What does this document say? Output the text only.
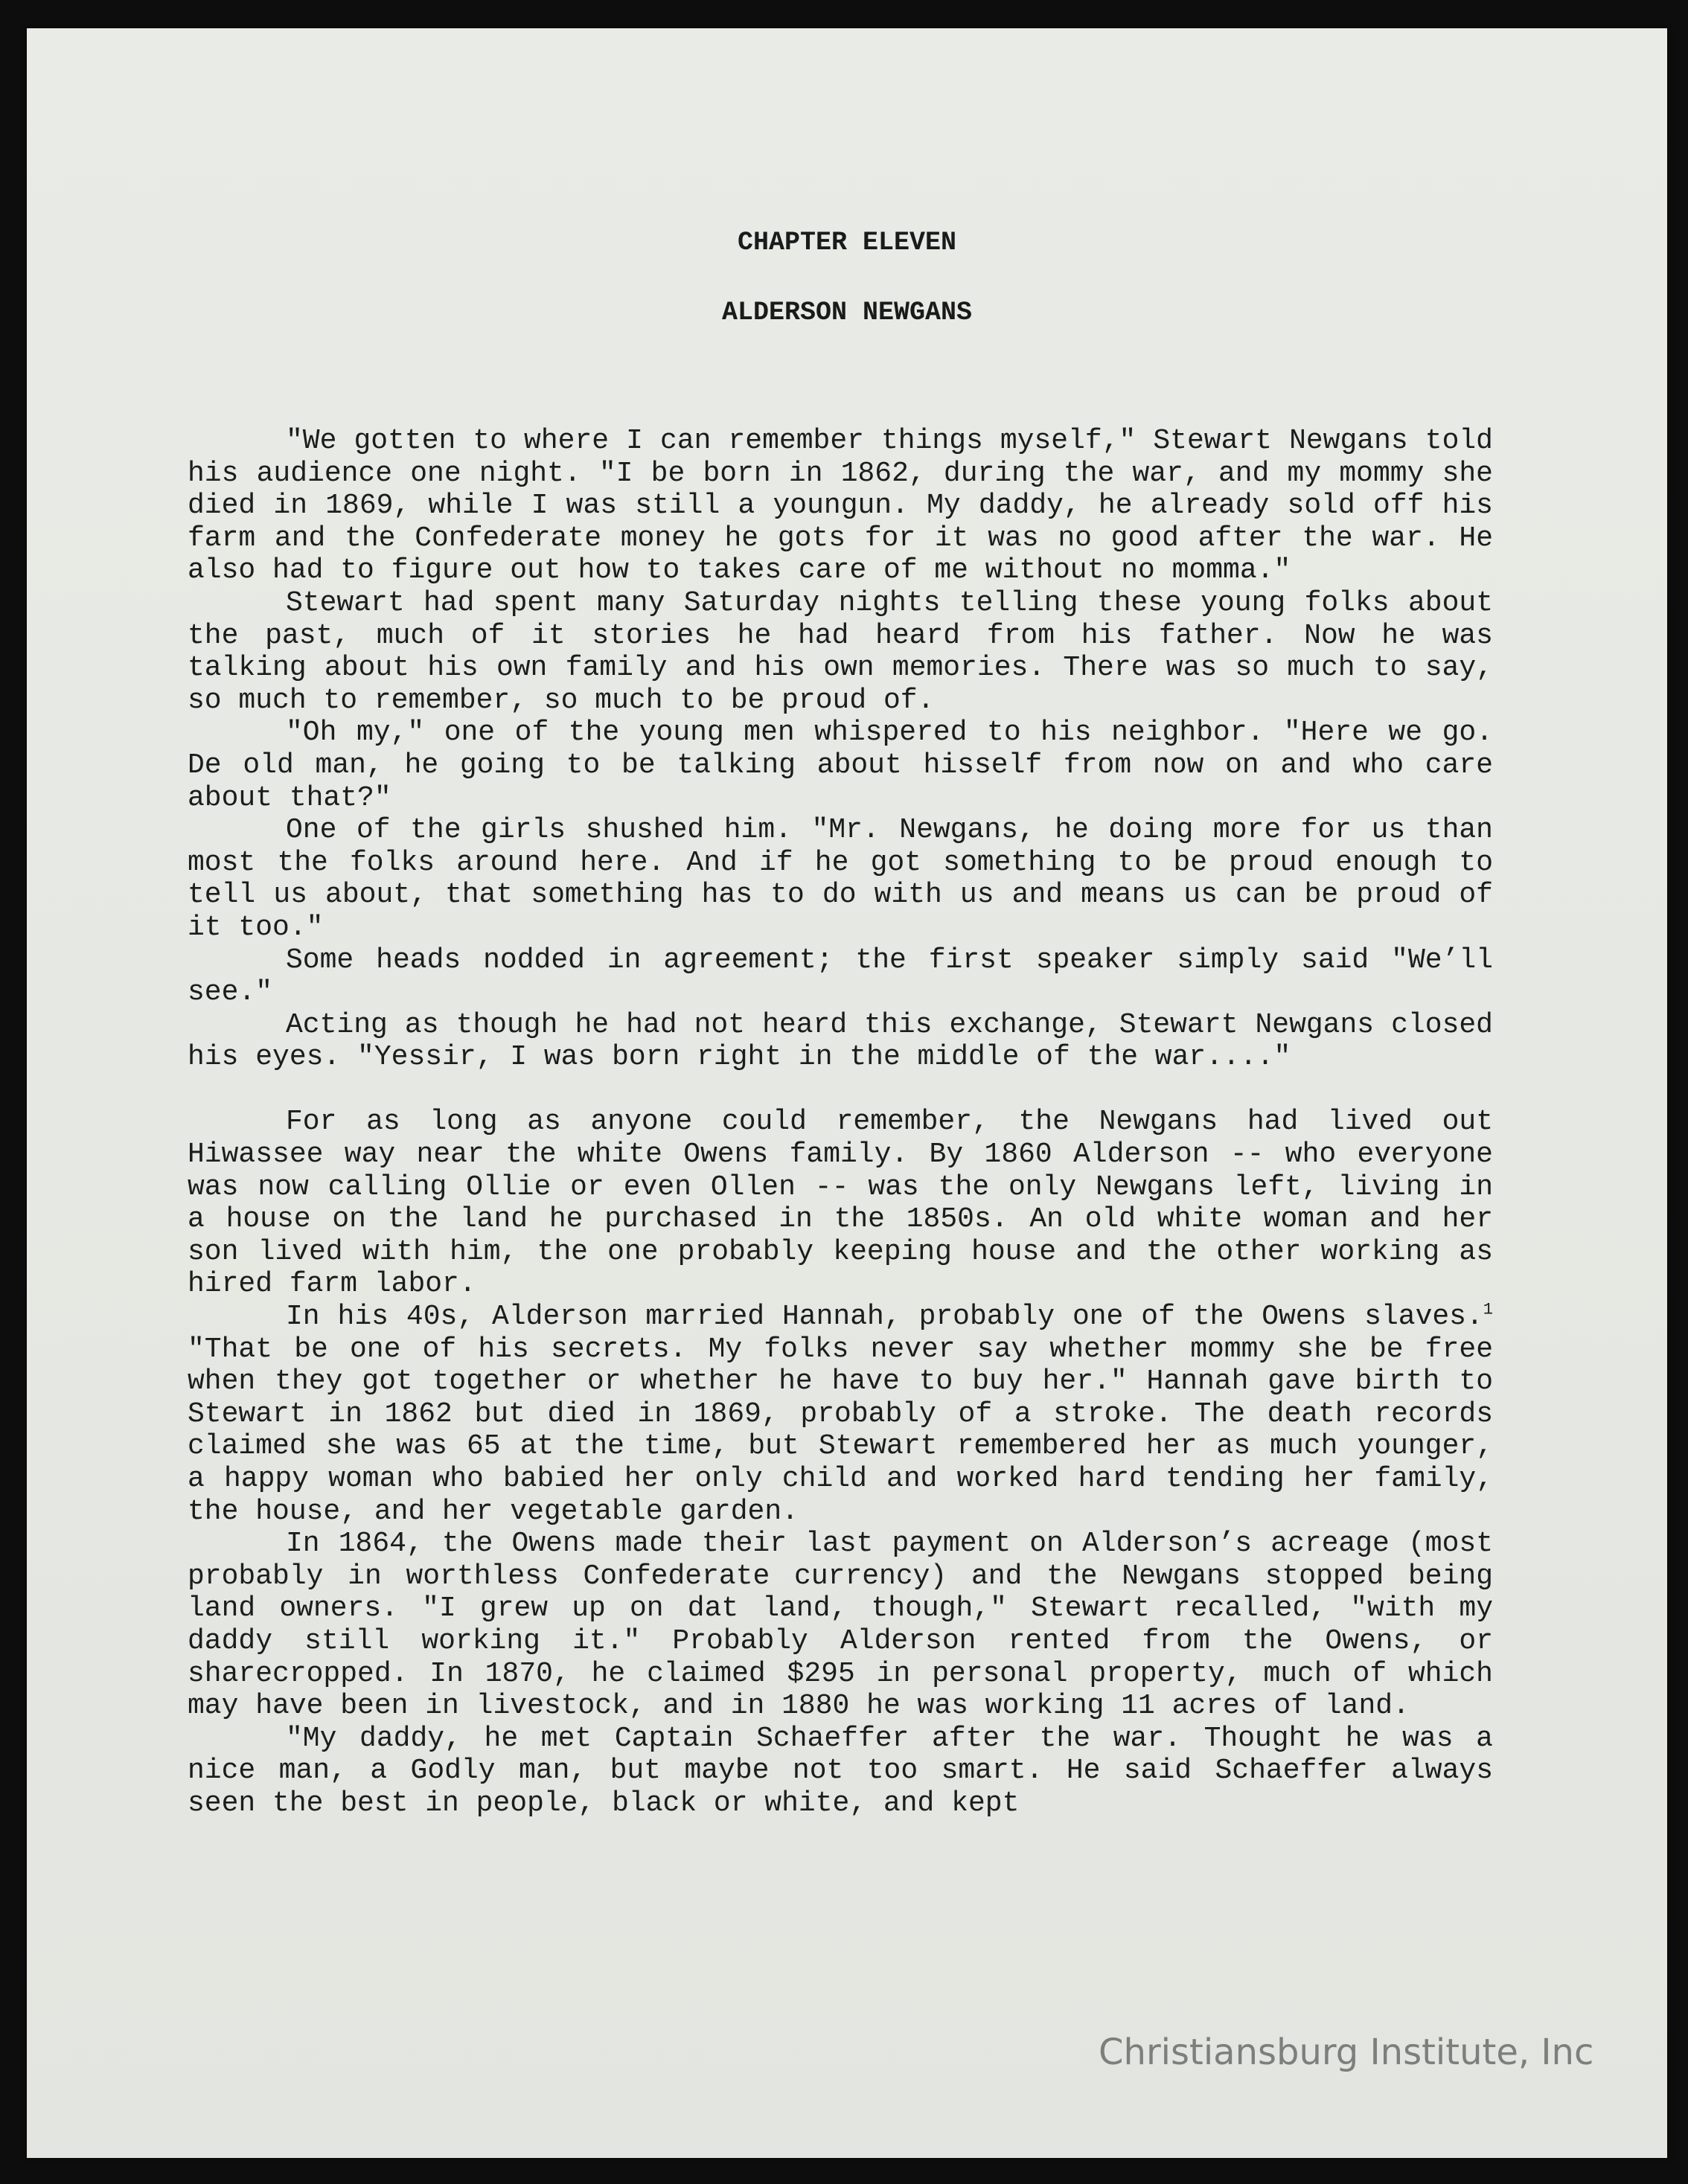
CHAPTER ELEVEN
ALDERSON NEWGANS

"We gotten to where I can remember things myself," Stewart Newgans told his audience one night. "I be born in 1862, during the war, and my mommy she died in 1869, while I was still a youngun. My daddy, he already sold off his farm and the Confederate money he gots for it was no good after the war. He also had to figure out how to takes care of me without no momma."

Stewart had spent many Saturday nights telling these young folks about the past, much of it stories he had heard from his father. Now he was talking about his own family and his own memories. There was so much to say, so much to remember, so much to be proud of.

"Oh my," one of the young men whispered to his neighbor. "Here we go. De old man, he going to be talking about hisself from now on and who care about that?"

One of the girls shushed him. "Mr. Newgans, he doing more for us than most the folks around here. And if he got something to be proud enough to tell us about, that something has to do with us and means us can be proud of it too."

Some heads nodded in agreement; the first speaker simply said "We’ll see."

Acting as though he had not heard this exchange, Stewart Newgans closed his eyes. "Yessir, I was born right in the middle of the war...."

For as long as anyone could remember, the Newgans had lived out Hiwassee way near the white Owens family. By 1860 Alderson -- who everyone was now calling Ollie or even Ollen -- was the only Newgans left, living in a house on the land he purchased in the 1850s. An old white woman and her son lived with him, the one probably keeping house and the other working as hired farm labor.

In his 40s, Alderson married Hannah, probably one of the Owens slaves.$^1$ "That be one of his secrets. My folks never say whether mommy she be free when they got together or whether he have to buy her." Hannah gave birth to Stewart in 1862 but died in 1869, probably of a stroke. The death records claimed she was 65 at the time, but Stewart remembered her as much younger, a happy woman who babied her only child and worked hard tending her family, the house, and her vegetable garden.

In 1864, the Owens made their last payment on Alderson’s acreage (most probably in worthless Confederate currency) and the Newgans stopped being land owners. "I grew up on dat land, though," Stewart recalled, "with my daddy still working it." Probably Alderson rented from the Owens, or sharecropped. In 1870, he claimed $295 in personal property, much of which may have been in livestock, and in 1880 he was working 11 acres of land.

"My daddy, he met Captain Schaeffer after the war. Thought he was a nice man, a Godly man, but maybe not too smart. He said Schaeffer always seen the best in people, black or white, and kept

Christiansburg Institute, Inc
